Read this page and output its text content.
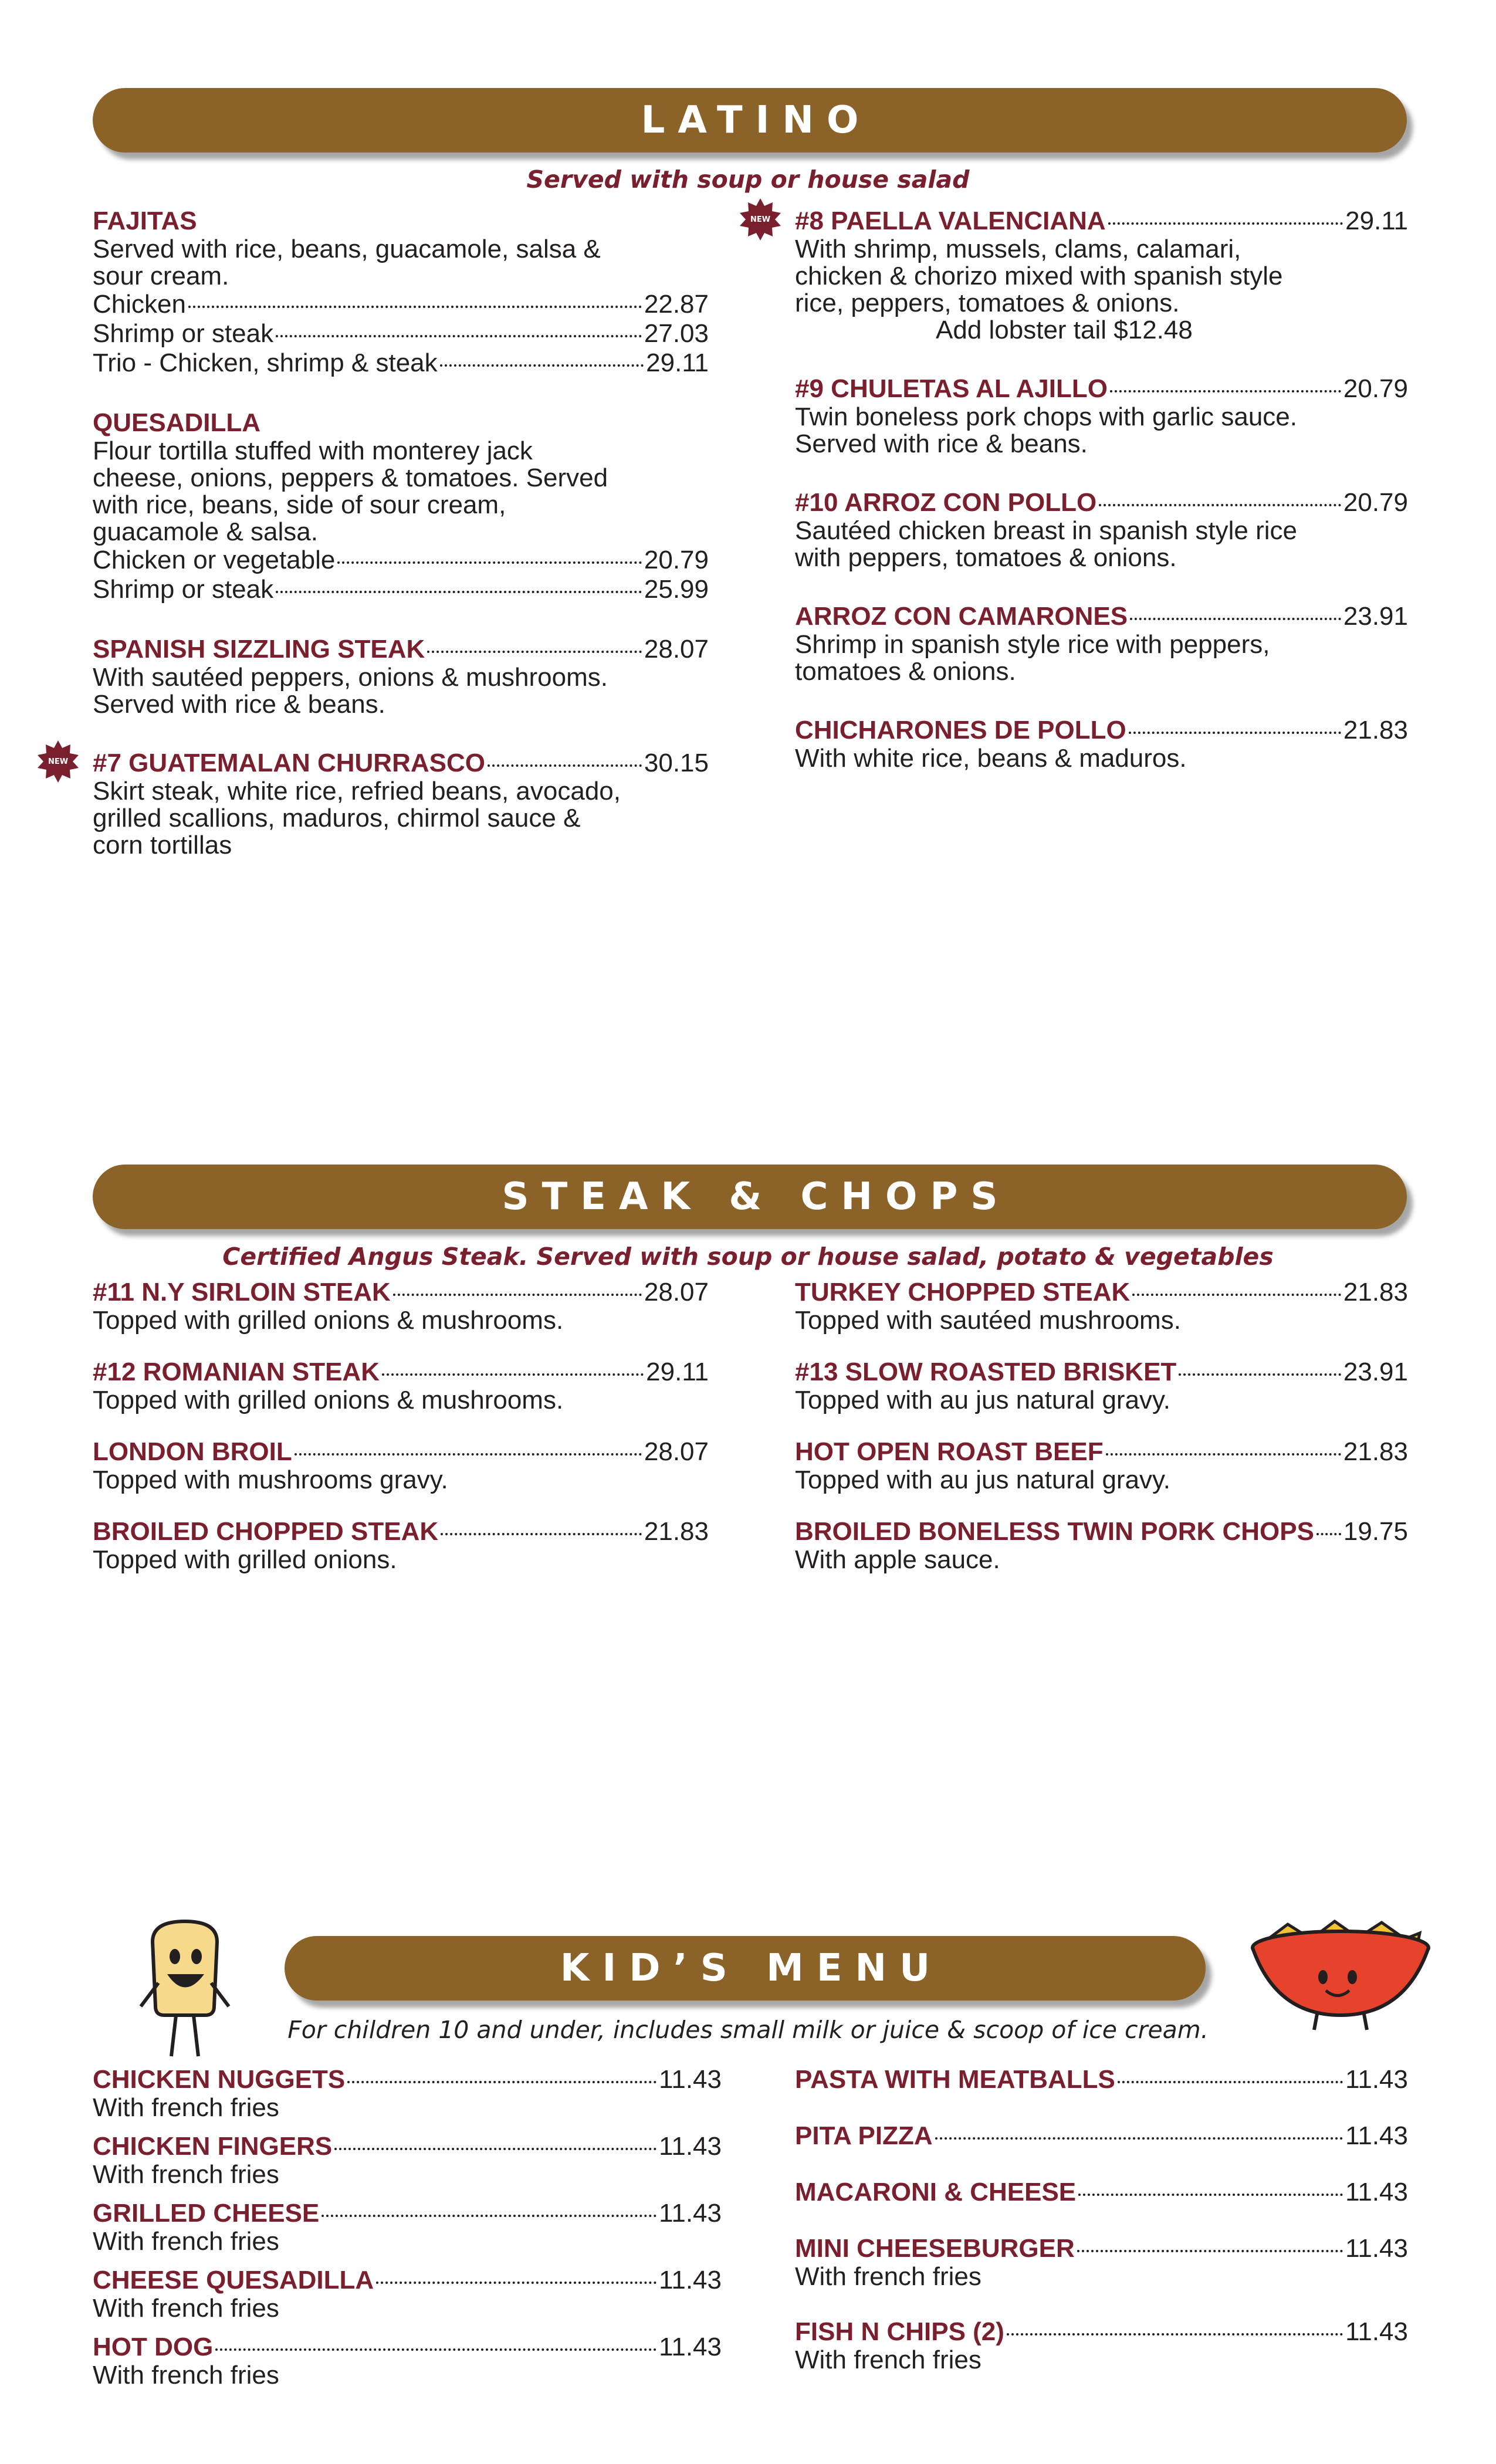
LATINO
Served with soup or house salad
FAJITAS
Served with rice, beans, guacamole, salsa &
sour cream.
Chicken	22.87
Shrimp or steak	27.03
Trio - Chicken, shrimp & steak	29.11
QUESADILLA
Flour tortilla stuffed with monterey jack
cheese, onions, peppers & tomatoes. Served
with rice, beans, side of sour cream,
guacamole & salsa.
Chicken or vegetable	20.79
Shrimp or steak	25.99
SPANISH SIZZLING STEAK	28.07
With sautéed peppers, onions & mushrooms.
Served with rice & beans.
NEW #7 GUATEMALAN CHURRASCO	30.15
Skirt steak, white rice, refried beans, avocado,
grilled scallions, maduros, chirmol sauce &
corn tortillas
NEW #8 PAELLA VALENCIANA	29.11
With shrimp, mussels, clams, calamari,
chicken & chorizo mixed with spanish style
rice, peppers, tomatoes & onions.
Add lobster tail $12.48
#9 CHULETAS AL AJILLO	20.79
Twin boneless pork chops with garlic sauce.
Served with rice & beans.
#10 ARROZ CON POLLO	20.79
Sautéed chicken breast in spanish style rice
with peppers, tomatoes & onions.
ARROZ CON CAMARONES	23.91
Shrimp in spanish style rice with peppers,
tomatoes & onions.
CHICHARONES DE POLLO	21.83
With white rice, beans & maduros.
STEAK & CHOPS
Certified Angus Steak. Served with soup or house salad, potato & vegetables
#11 N.Y SIRLOIN STEAK	28.07
Topped with grilled onions & mushrooms.
#12 ROMANIAN STEAK	29.11
Topped with grilled onions & mushrooms.
LONDON BROIL	28.07
Topped with mushrooms gravy.
BROILED CHOPPED STEAK	21.83
Topped with grilled onions.
TURKEY CHOPPED STEAK	21.83
Topped with sautéed mushrooms.
#13 SLOW ROASTED BRISKET	23.91
Topped with au jus natural gravy.
HOT OPEN ROAST BEEF	21.83
Topped with au jus natural gravy.
BROILED BONELESS TWIN PORK CHOPS 19.75
With apple sauce.
KID’S MENU
For children 10 and under, includes small milk or juice & scoop of ice cream.
CHICKEN NUGGETS	11.43
With french fries
CHICKEN FINGERS	11.43
With french fries
GRILLED CHEESE	11.43
With french fries
CHEESE QUESADILLA	11.43
With french fries
HOT DOG	11.43
With french fries
PASTA WITH MEATBALLS	11.43
PITA PIZZA	11.43
MACARONI & CHEESE	11.43
MINI CHEESEBURGER	11.43
With french fries
FISH N CHIPS (2)	11.43
With french fries
